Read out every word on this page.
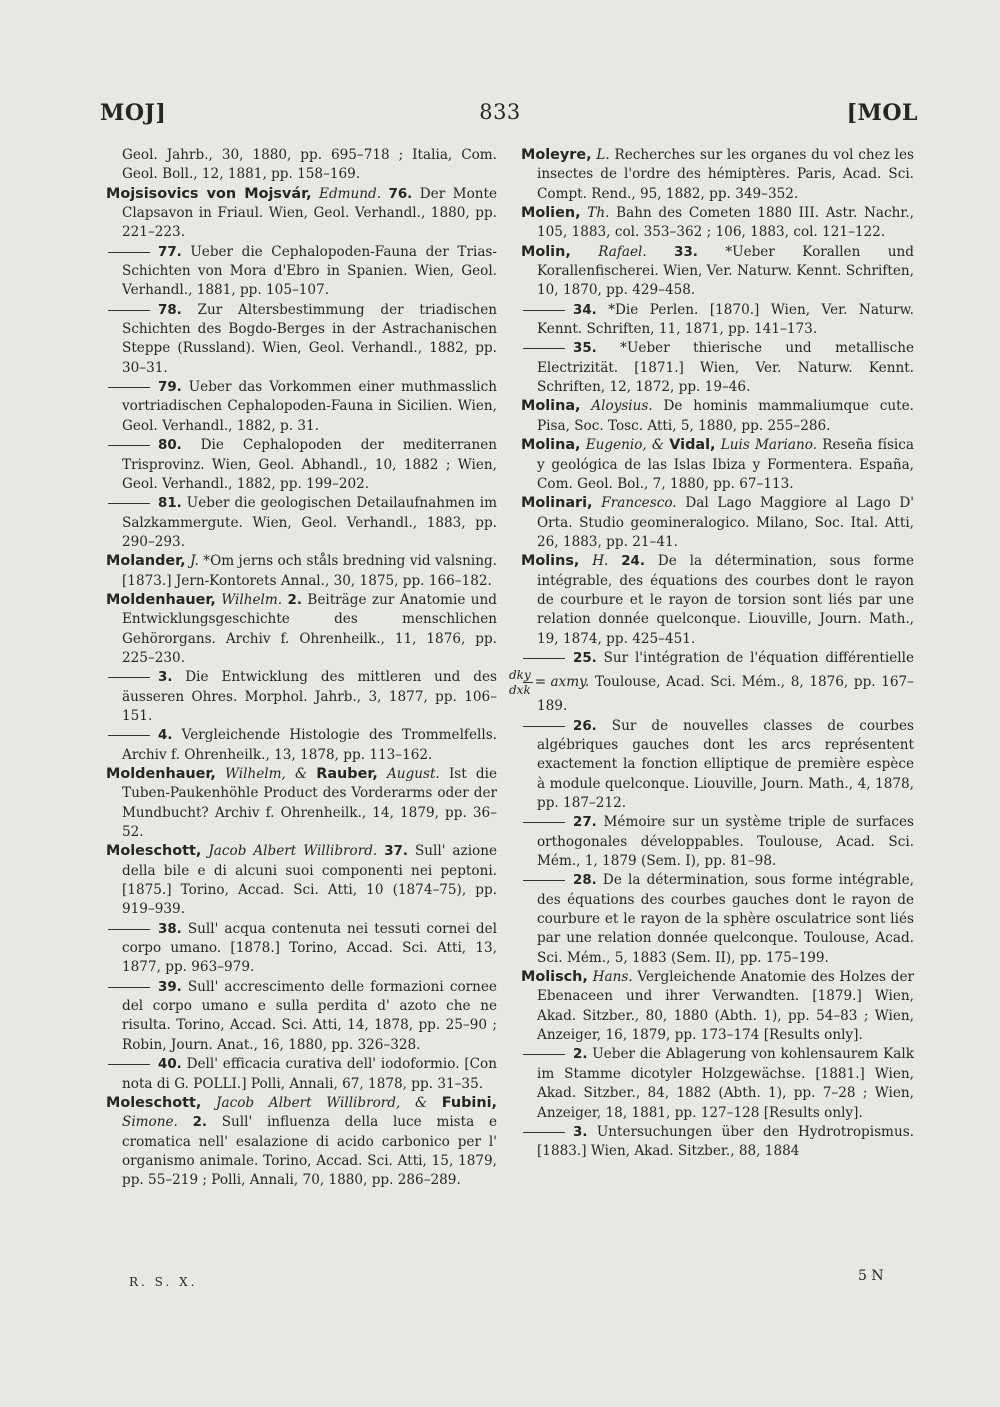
MOJ]	833	[MOL

Geol. Jahrb., 30, 1880, pp. 695–718 ; Italia, Com. Geol. Boll., 12, 1881, pp. 158–169.

Mojsisovics von Mojsvár, Edmund. 76. Der Monte Clapsavon in Friaul. Wien, Geol. Verhandl., 1880, pp. 221–223.

77. Ueber die Cephalopoden-Fauna der Trias-Schichten von Mora d'Ebro in Spanien. Wien, Geol. Verhandl., 1881, pp. 105–107.

78. Zur Altersbestimmung der triadischen Schichten des Bogdo-Berges in der Astrachanischen Steppe (Russland). Wien, Geol. Verhandl., 1882, pp. 30–31.

79. Ueber das Vorkommen einer muthmasslich vortriadischen Cephalopoden-Fauna in Sicilien. Wien, Geol. Verhandl., 1882, p. 31.

80. Die Cephalopoden der mediterranen Trisprovinz. Wien, Geol. Abhandl., 10, 1882 ; Wien, Geol. Verhandl., 1882, pp. 199–202.

81. Ueber die geologischen Detailaufnahmen im Salzkammergute. Wien, Geol. Verhandl., 1883, pp. 290–293.

Molander, J. *Om jerns och ståls bredning vid valsning. [1873.] Jern-Kontorets Annal., 30, 1875, pp. 166–182.

Moldenhauer, Wilhelm. 2. Beiträge zur Anatomie und Entwicklungsgeschichte des menschlichen Gehörorgans. Archiv f. Ohrenheilk., 11, 1876, pp. 225–230.

3. Die Entwicklung des mittleren und des äusseren Ohres. Morphol. Jahrb., 3, 1877, pp. 106–151.

4. Vergleichende Histologie des Trommelfells. Archiv f. Ohrenheilk., 13, 1878, pp. 113–162.

Moldenhauer, Wilhelm, & Rauber, August. Ist die Tuben-Paukenhöhle Product des Vorderarms oder der Mundbucht? Archiv f. Ohrenheilk., 14, 1879, pp. 36–52.

Moleschott, Jacob Albert Willibrord. 37. Sull' azione della bile e di alcuni suoi componenti nei peptoni. [1875.] Torino, Accad. Sci. Atti, 10 (1874–75), pp. 919–939.

38. Sull' acqua contenuta nei tessuti cornei del corpo umano. [1878.] Torino, Accad. Sci. Atti, 13, 1877, pp. 963–979.

39. Sull' accrescimento delle formazioni cornee del corpo umano e sulla perdita d' azoto che ne risulta. Torino, Accad. Sci. Atti, 14, 1878, pp. 25–90 ; Robin, Journ. Anat., 16, 1880, pp. 326–328.

40. Dell' efficacia curativa dell' iodoformio. [Con nota di G. POLLI.] Polli, Annali, 67, 1878, pp. 31–35.

Moleschott, Jacob Albert Willibrord, & Fubini, Simone. 2. Sull' influenza della luce mista e cromatica nell' esalazione di acido carbonico per l' organismo animale. Torino, Accad. Sci. Atti, 15, 1879, pp. 55–219 ; Polli, Annali, 70, 1880, pp. 286–289.

Moleyre, L. Recherches sur les organes du vol chez les insectes de l'ordre des hémiptères. Paris, Acad. Sci. Compt. Rend., 95, 1882, pp. 349–352.

Molien, Th. Bahn des Cometen 1880 III. Astr. Nachr., 105, 1883, col. 353–362 ; 106, 1883, col. 121–122.

Molin, Rafael. 33. *Ueber Korallen und Korallenfischerei. Wien, Ver. Naturw. Kennt. Schriften, 10, 1870, pp. 429–458.

34. *Die Perlen. [1870.] Wien, Ver. Naturw. Kennt. Schriften, 11, 1871, pp. 141–173.

35. *Ueber thierische und metallische Electrizität. [1871.] Wien, Ver. Naturw. Kennt. Schriften, 12, 1872, pp. 19–46.

Molina, Aloysius. De hominis mammaliumque cute. Pisa, Soc. Tosc. Atti, 5, 1880, pp. 255–286.

Molina, Eugenio, & Vidal, Luis Mariano. Reseña física y geológica de las Islas Ibiza y Formentera. España, Com. Geol. Bol., 7, 1880, pp. 67–113.

Molinari, Francesco. Dal Lago Maggiore al Lago D' Orta. Studio geomineralogico. Milano, Soc. Ital. Atti, 26, 1883, pp. 21–41.

Molins, H. 24. De la détermination, sous forme intégrable, des équations des courbes dont le rayon de courbure et le rayon de torsion sont liés par une relation donnée quelconque. Liouville, Journ. Math., 19, 1874, pp. 425–451.

25. Sur l'intégration de l'équation différentielle
$\frac{\text{dky}}{\text{dxk}}$ = axmy. Toulouse, Acad. Sci. Mém., 8, 1876, pp. 167–189.

26. Sur de nouvelles classes de courbes algébriques gauches dont les arcs représentent exactement la fonction elliptique de première espèce à module quelconque. Liouville, Journ. Math., 4, 1878, pp. 187–212.

27. Mémoire sur un système triple de surfaces orthogonales développables. Toulouse, Acad. Sci. Mém., 1, 1879 (Sem. I), pp. 81–98.

28. De la détermination, sous forme intégrable, des équations des courbes gauches dont le rayon de courbure et le rayon de la sphère osculatrice sont liés par une relation donnée quelconque. Toulouse, Acad. Sci. Mém., 5, 1883 (Sem. II), pp. 175–199.

Molisch, Hans. Vergleichende Anatomie des Holzes der Ebenaceen und ihrer Verwandten. [1879.] Wien, Akad. Sitzber., 80, 1880 (Abth. 1), pp. 54–83 ; Wien, Anzeiger, 16, 1879, pp. 173–174 [Results only].

2. Ueber die Ablagerung von kohlensaurem Kalk im Stamme dicotyler Holzgewächse. [1881.] Wien, Akad. Sitzber., 84, 1882 (Abth. 1), pp. 7–28 ; Wien, Anzeiger, 18, 1881, pp. 127–128 [Results only].

3. Untersuchungen über den Hydrotropismus. [1883.] Wien, Akad. Sitzber., 88, 1884

R. S. X.	5 N
